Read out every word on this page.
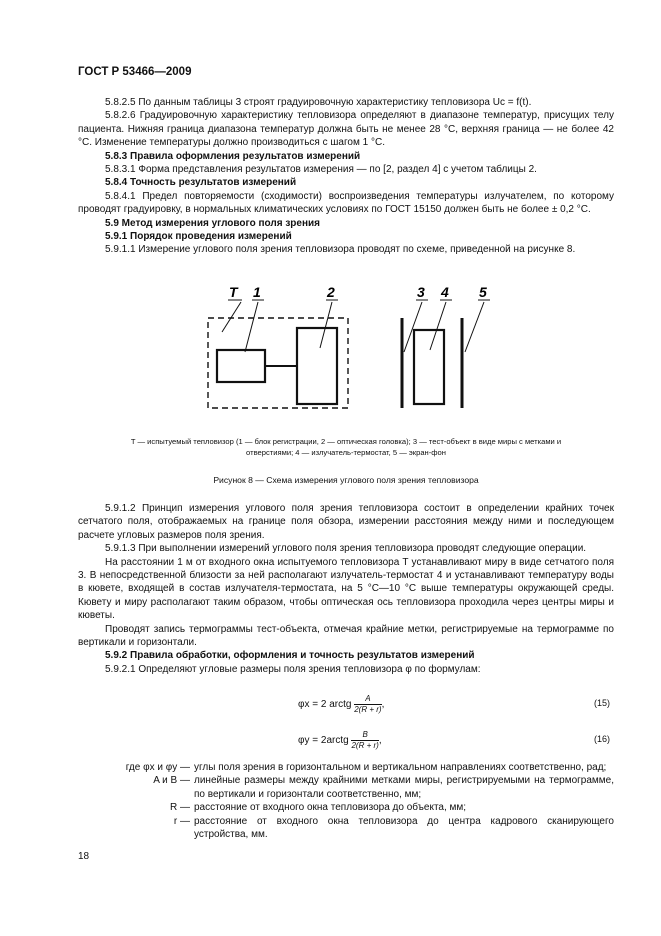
ГОСТ Р 53466—2009

5.8.2.5 По данным таблицы 3 строят градуировочную характеристику тепловизора Uc = f(t).

5.8.2.6 Градуировочную характеристику тепловизора определяют в диапазоне температур, присущих телу пациента. Нижняя граница диапазона температур должна быть не менее 28 °C, верхняя граница — не более 42 °C. Изменение температуры должно производиться с шагом 1 °C.

5.8.3 Правила оформления результатов измерений

5.8.3.1 Форма представления результатов измерения — по [2, раздел 4] с учетом таблицы 2.

5.8.4 Точность результатов измерений

5.8.4.1 Предел повторяемости (сходимости) воспроизведения температуры излучателем, по которому проводят градуировку, в нормальных климатических условиях по ГОСТ 15150 должен быть не более ± 0,2 °C.

5.9 Метод измерения углового поля зрения

5.9.1 Порядок проведения измерений

5.9.1.1 Измерение углового поля зрения тепловизора проводят по схеме, приведенной на рисунке 8.

T 1	2	3 4 5
T — испытуемый тепловизор (1 — блок регистрации, 2 — оптическая головка); 3 — тест-объект в виде миры с метками и
отверстиями; 4 — излучатель-термостат, 5 — экран-фон
Рисунок 8 — Схема измерения углового поля зрения тепловизора

5.9.1.2 Принцип измерения углового поля зрения тепловизора состоит в определении крайних точек сетчатого поля, отображаемых на границе поля обзора, измерении расстояния между ними и последующем расчете угловых размеров поля зрения.

5.9.1.3 При выполнении измерений углового поля зрения тепловизора проводят следующие операции.

На расстоянии 1 м от входного окна испытуемого тепловизора Т устанавливают миру в виде сетчатого поля 3. В непосредственной близости за ней располагают излучатель-термостат 4 и устанавливают температуру воды в кювете, входящей в состав излучателя-термостата, на 5 °C—10 °C выше температуры окружающей среды. Кювету и миру располагают таким образом, чтобы оптическая ось тепловизора проходила через центры миры и кюветы.

Проводят запись термограммы тест-объекта, отмечая крайние метки, регистрируемые на термограмме по вертикали и горизонтали.

5.9.2 Правила обработки, оформления и точность результатов измерений

5.9.2.1 Определяют угловые размеры поля зрения тепловизора φ по формулам:

φx = 2 arctg $\frac{A}{2(R + r)}$ ,	(15)
φy = 2arctg $\frac{B}{2(R + r)}$ ,	(16)
где φx и φy — углы поля зрения в горизонтальном и вертикальном направлениях соответственно, рад;
A и B — линейные размеры между крайними метками миры, регистрируемыми на термограмме, по вертикали и горизонтали соответственно, мм;
R — расстояние от входного окна тепловизора до объекта, мм;
r — расстояние от входного окна тепловизора до центра кадрового сканирующего устройства, мм.
18
